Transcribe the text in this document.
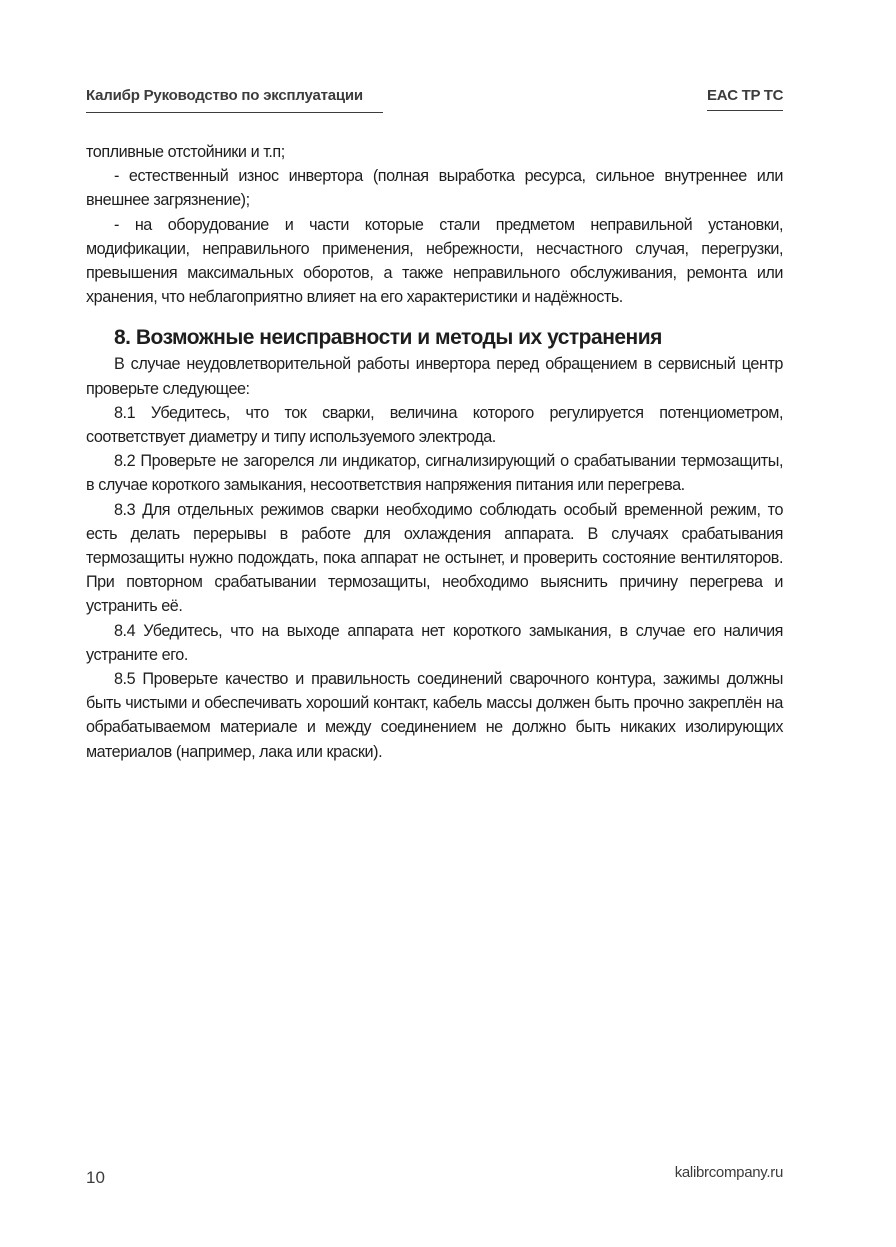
Калибр Руководство по эксплуатации	EAC TP TC

топливные отстойники и т.п;

- естественный износ инвертора (полная выработка ресурса, сильное внутреннее или внешнее загрязнение);

- на оборудование и части которые стали предметом неправильной установки, модификации, неправильного применения, небрежности, несчастного случая, перегрузки, превышения максимальных оборотов, а также неправильного обслуживания, ремонта или хранения, что неблагоприятно влияет на его характеристики и надёжность.

8. Возможные неисправности и методы их устранения

В случае неудовлетворительной работы инвертора перед обращением в сервисный центр проверьте следующее:

8.1 Убедитесь, что ток сварки, величина которого регулируется потенциометром, соответствует диаметру и типу используемого электрода.

8.2 Проверьте не загорелся ли индикатор, сигнализирующий о срабатывании термозащиты, в случае короткого замыкания, несоответствия напряжения питания или перегрева.

8.3 Для отдельных режимов сварки необходимо соблюдать особый временной режим, то есть делать перерывы в работе для охлаждения аппарата. В случаях срабатывания термозащиты нужно подождать, пока аппарат не остынет, и проверить состояние вентиляторов. При повторном срабатывании термозащиты, необходимо выяснить причину перегрева и устранить её.

8.4 Убедитесь, что на выходе аппарата нет короткого замыкания, в случае его наличия устраните его.

8.5 Проверьте качество и правильность соединений сварочного контура, зажимы должны быть чистыми и обеспечивать хороший контакт, кабель массы должен быть прочно закреплён на обрабатываемом материале и между соединением не должно быть никаких изолирующих материалов (например, лака или краски).

10	kalibrcompany.ru
